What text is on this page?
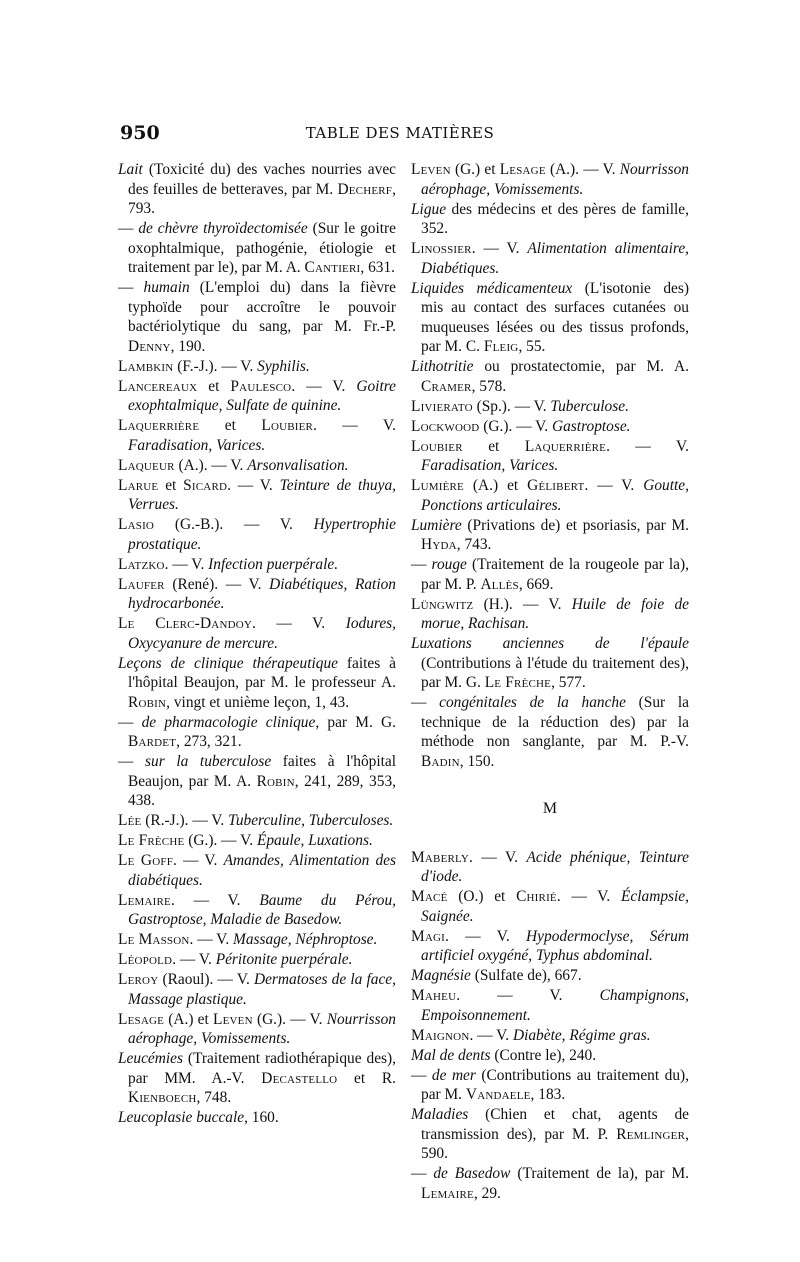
950	TABLE DES MATIÈRES
Lait (Toxicité du) des vaches nourries avec des feuilles de betteraves, par M. Decherf, 793.
— de chèvre thyroïdectomisée (Sur le goitre oxophtalmique, pathogénie, étiologie et traitement par le), par M. A. Cantieri, 631.
— humain (L'emploi du) dans la fièvre typhoïde pour accroître le pouvoir bactériolytique du sang, par M. Fr.-P. Denny, 190.
Lambkin (F.-J.). — V. Syphilis.
Lancereaux et Paulesco. — V. Goitre exophtalmique, Sulfate de quinine.
Laquerrière et Loubier. — V. Faradisation, Varices.
Laqueur (A.). — V. Arsonvalisation.
Larue et Sicard. — V. Teinture de thuya, Verrues.
Lasio (G.-B.). — V. Hypertrophie prostatique.
Latzko. — V. Infection puerpérale.
Laufer (René). — V. Diabétiques, Ration hydrocarbonée.
Le Clerc-Dandoy. — V. Iodures, Oxycyanure de mercure.
Leçons de clinique thérapeutique faites à l'hôpital Beaujon, par M. le professeur A. Robin, vingt et unième leçon, 1, 43.
— de pharmacologie clinique, par M. G. Bardet, 273, 321.
— sur la tuberculose faites à l'hôpital Beaujon, par M. A. Robin, 241, 289, 353, 438.
Lée (R.-J.). — V. Tuberculine, Tuberculoses.
Le Frèche (G.). — V. Épaule, Luxations.
Le Goff. — V. Amandes, Alimentation des diabétiques.
Lemaire. — V. Baume du Pérou, Gastroptose, Maladie de Basedow.
Le Masson. — V. Massage, Néphroptose.
Léopold. — V. Péritonite puerpérale.
Leroy (Raoul). — V. Dermatoses de la face, Massage plastique.
Lesage (A.) et Leven (G.). — V. Nourrisson aérophage, Vomissements.
Leucémies (Traitement radiothérapique des), par MM. A.-V. Decastello et R. Kienboech, 748.
Leucoplasie buccale, 160.
Leven (G.) et Lesage (A.). — V. Nourrisson aérophage, Vomissements.
Ligue des médecins et des pères de famille, 352.
Linossier. — V. Alimentation alimentaire, Diabétiques.
Liquides médicamenteux (L'isotonie des) mis au contact des surfaces cutanées ou muqueuses lésées ou des tissus profonds, par M. C. Fleig, 55.
Lithotritie ou prostatectomie, par M. A. Cramer, 578.
Livierato (Sp.). — V. Tuberculose.
Lockwood (G.). — V. Gastroptose.
Loubier et Laquerrière. — V. Faradisation, Varices.
Lumière (A.) et Gélibert. — V. Goutte, Ponctions articulaires.
Lumière (Privations de) et psoriasis, par M. Hyda, 743.
— rouge (Traitement de la rougeole par la), par M. P. Allès, 669.
Lüngwitz (H.). — V. Huile de foie de morue, Rachisan.
Luxations anciennes de l'épaule (Contributions à l'étude du traitement des), par M. G. Le Frèche, 577.
— congénitales de la hanche (Sur la technique de la réduction des) par la méthode non sanglante, par M. P.-V. Badin, 150.
M
Maberly. — V. Acide phénique, Teinture d'iode.
Macé (O.) et Chirié. — V. Éclampsie, Saignée.
Magi. — V. Hypodermoclyse, Sérum artificiel oxygéné, Typhus abdominal.
Magnésie (Sulfate de), 667.
Maheu. — V. Champignons, Empoisonnement.
Maignon. — V. Diabète, Régime gras.
Mal de dents (Contre le), 240.
— de mer (Contributions au traitement du), par M. Vandaele, 183.
Maladies (Chien et chat, agents de transmission des), par M. P. Remlinger, 590.
— de Basedow (Traitement de la), par M. Lemaire, 29.
